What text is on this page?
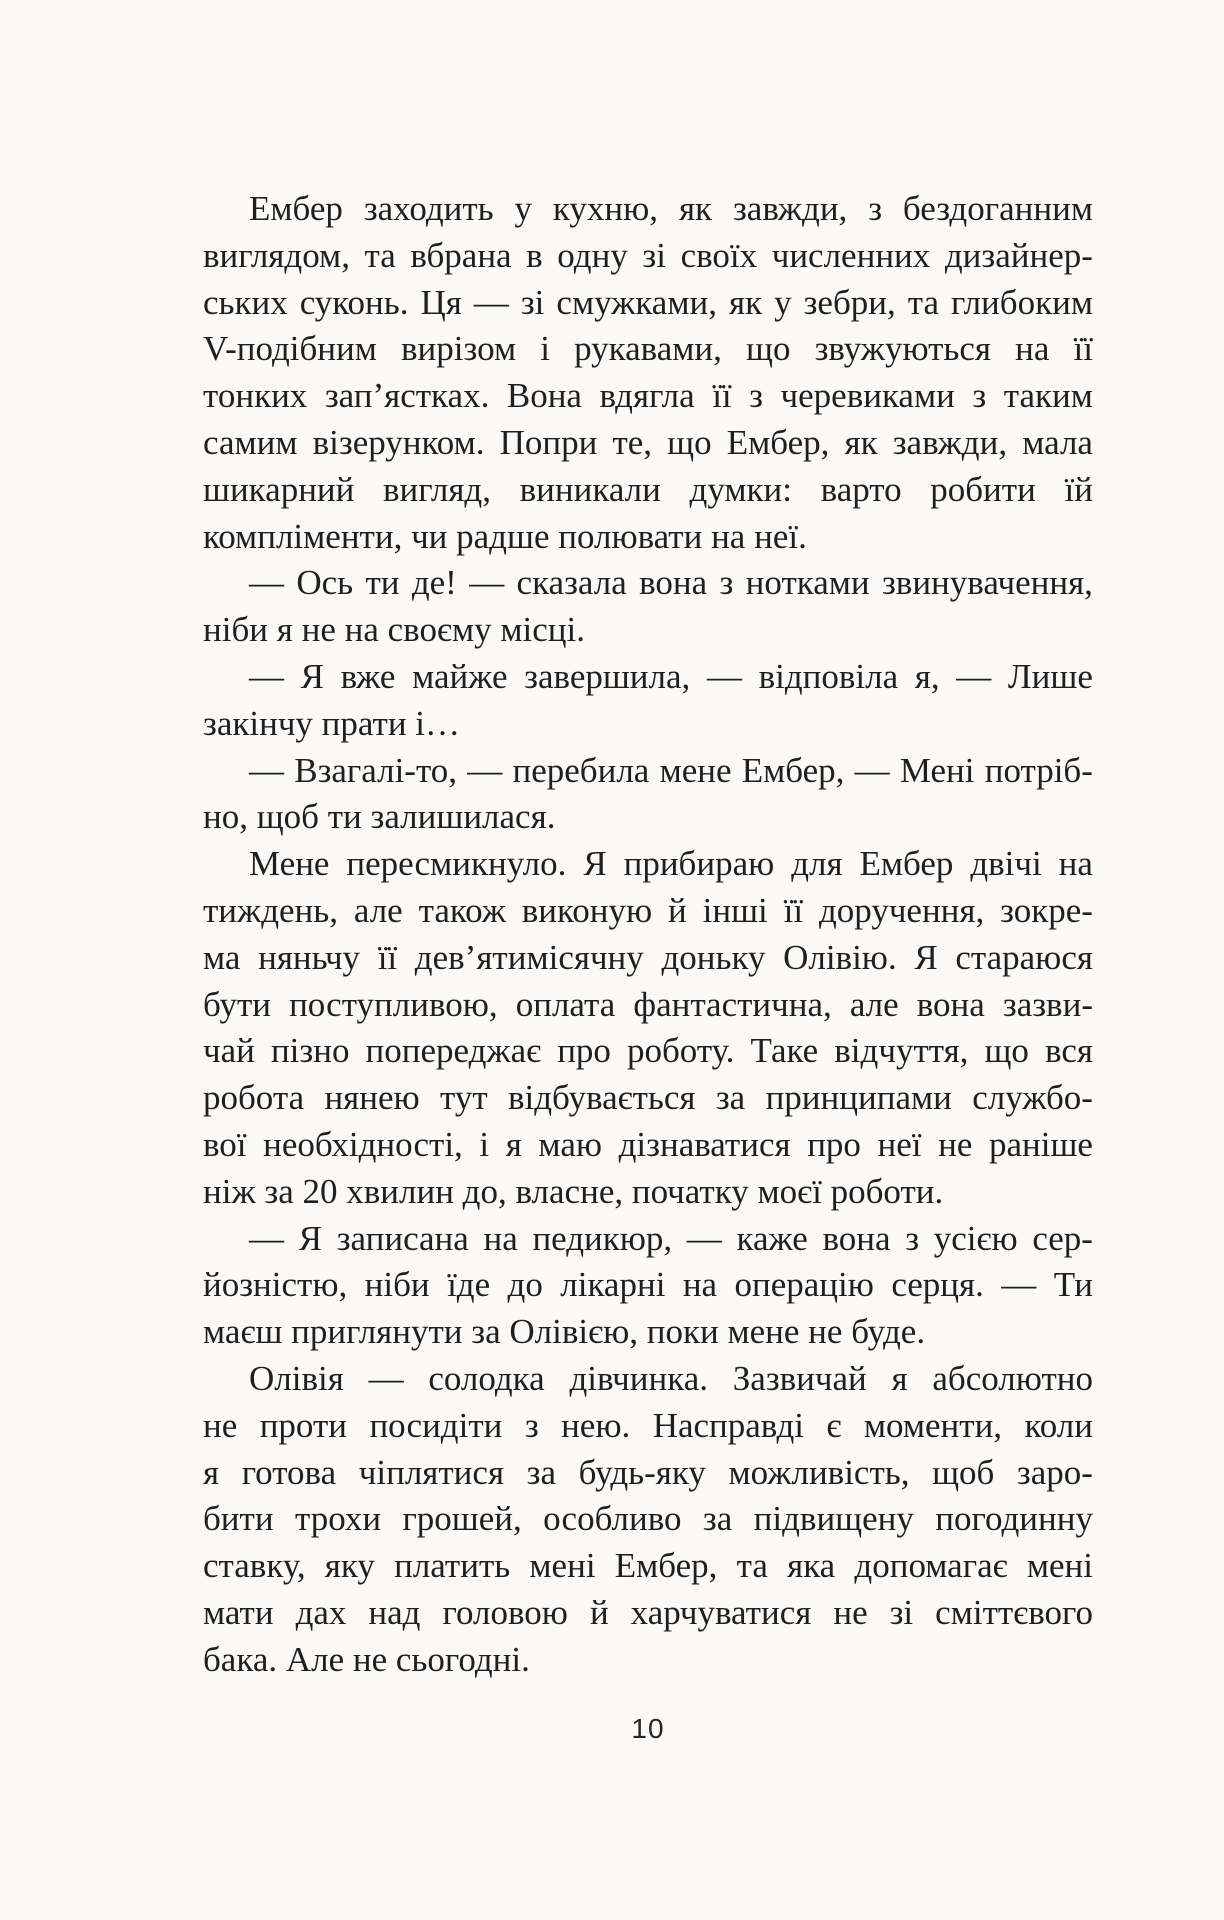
Ембер заходить у кухню, як завжди, з бездоганним
виглядом, та вбрана в одну зі своїх численних дизайнер-
ських суконь. Ця — зі смужками, як у зебри, та глибоким
V-подібним вирізом і рукавами, що звужуються на її
тонких зап’ястках. Вона вдягла її з черевиками з таким
самим візерунком. Попри те, що Ембер, як завжди, мала
шикарний вигляд, виникали думки: варто робити їй
компліменти, чи радше полювати на неї.
— Ось ти де! — сказала вона з нотками звинувачення,
ніби я не на своєму місці.
— Я вже майже завершила, — відповіла я, — Лише
закінчу прати і…
— Взагалі-то, — перебила мене Ембер, — Мені потріб-
но, щоб ти залишилася.
Мене пересмикнуло. Я прибираю для Ембер двічі на
тиждень, але також виконую й інші її доручення, зокре-
ма няньчу її дев’ятимісячну доньку Олівію. Я стараюся
бути поступливою, оплата фантастична, але вона зазви-
чай пізно попереджає про роботу. Таке відчуття, що вся
робота нянею тут відбувається за принципами службо-
вої необхідності, і я маю дізнаватися про неї не раніше
ніж за 20 хвилин до, власне, початку моєї роботи.
— Я записана на педикюр, — каже вона з усією сер-
йозністю, ніби їде до лікарні на операцію серця. — Ти
маєш приглянути за Олівією, поки мене не буде.
Олівія — солодка дівчинка. Зазвичай я абсолютно
не проти посидіти з нею. Насправді є моменти, коли
я готова чіплятися за будь-яку можливість, щоб заро-
бити трохи грошей, особливо за підвищену погодинну
ставку, яку платить мені Ембер, та яка допомагає мені
мати дах над головою й харчуватися не зі сміттєвого
бака. Але не сьогодні.
10
